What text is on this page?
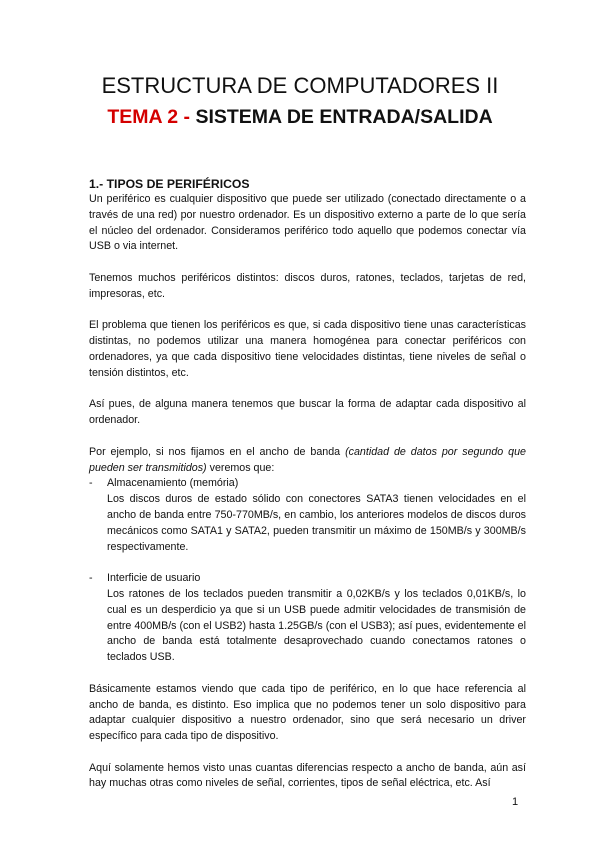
ESTRUCTURA DE COMPUTADORES II
TEMA 2 - SISTEMA DE ENTRADA/SALIDA

1.- TIPOS DE PERIFÉRICOS

Un periférico es cualquier dispositivo que puede ser utilizado (conectado directamente o a través de una red) por nuestro ordenador. Es un dispositivo externo a parte de lo que sería el núcleo del ordenador. Consideramos periférico todo aquello que podemos conectar vía USB o via internet.

Tenemos muchos periféricos distintos: discos duros, ratones, teclados, tarjetas de red, impresoras, etc.

El problema que tienen los periféricos es que, si cada dispositivo tiene unas características distintas, no podemos utilizar una manera homogénea para conectar periféricos con ordenadores, ya que cada dispositivo tiene velocidades distintas, tiene niveles de señal o tensión distintos, etc.

Así pues, de alguna manera tenemos que buscar la forma de adaptar cada dispositivo al ordenador.

Por ejemplo, si nos fijamos en el ancho de banda (cantidad de datos por segundo que pueden ser transmitidos) veremos que:

- Almacenamiento (memória)

Los discos duros de estado sólido con conectores SATA3 tienen velocidades en el ancho de banda entre 750-770MB/s, en cambio, los anteriores modelos de discos duros mecánicos como SATA1 y SATA2, pueden transmitir un máximo de 150MB/s y 300MB/s respectivamente.

- Interficie de usuario

Los ratones de los teclados pueden transmitir a 0,02KB/s y los teclados 0,01KB/s, lo cual es un desperdicio ya que si un USB puede admitir velocidades de transmisión de entre 400MB/s (con el USB2) hasta 1.25GB/s (con el USB3); así pues, evidentemente el ancho de banda está totalmente desaprovechado cuando conectamos ratones o teclados USB.

Básicamente estamos viendo que cada tipo de periférico, en lo que hace referencia al ancho de banda, es distinto. Eso implica que no podemos tener un solo dispositivo para adaptar cualquier dispositivo a nuestro ordenador, sino que será necesario un driver específico para cada tipo de dispositivo.

Aquí solamente hemos visto unas cuantas diferencias respecto a ancho de banda, aún así hay muchas otras como niveles de señal, corrientes, tipos de señal eléctrica, etc. Así

1
